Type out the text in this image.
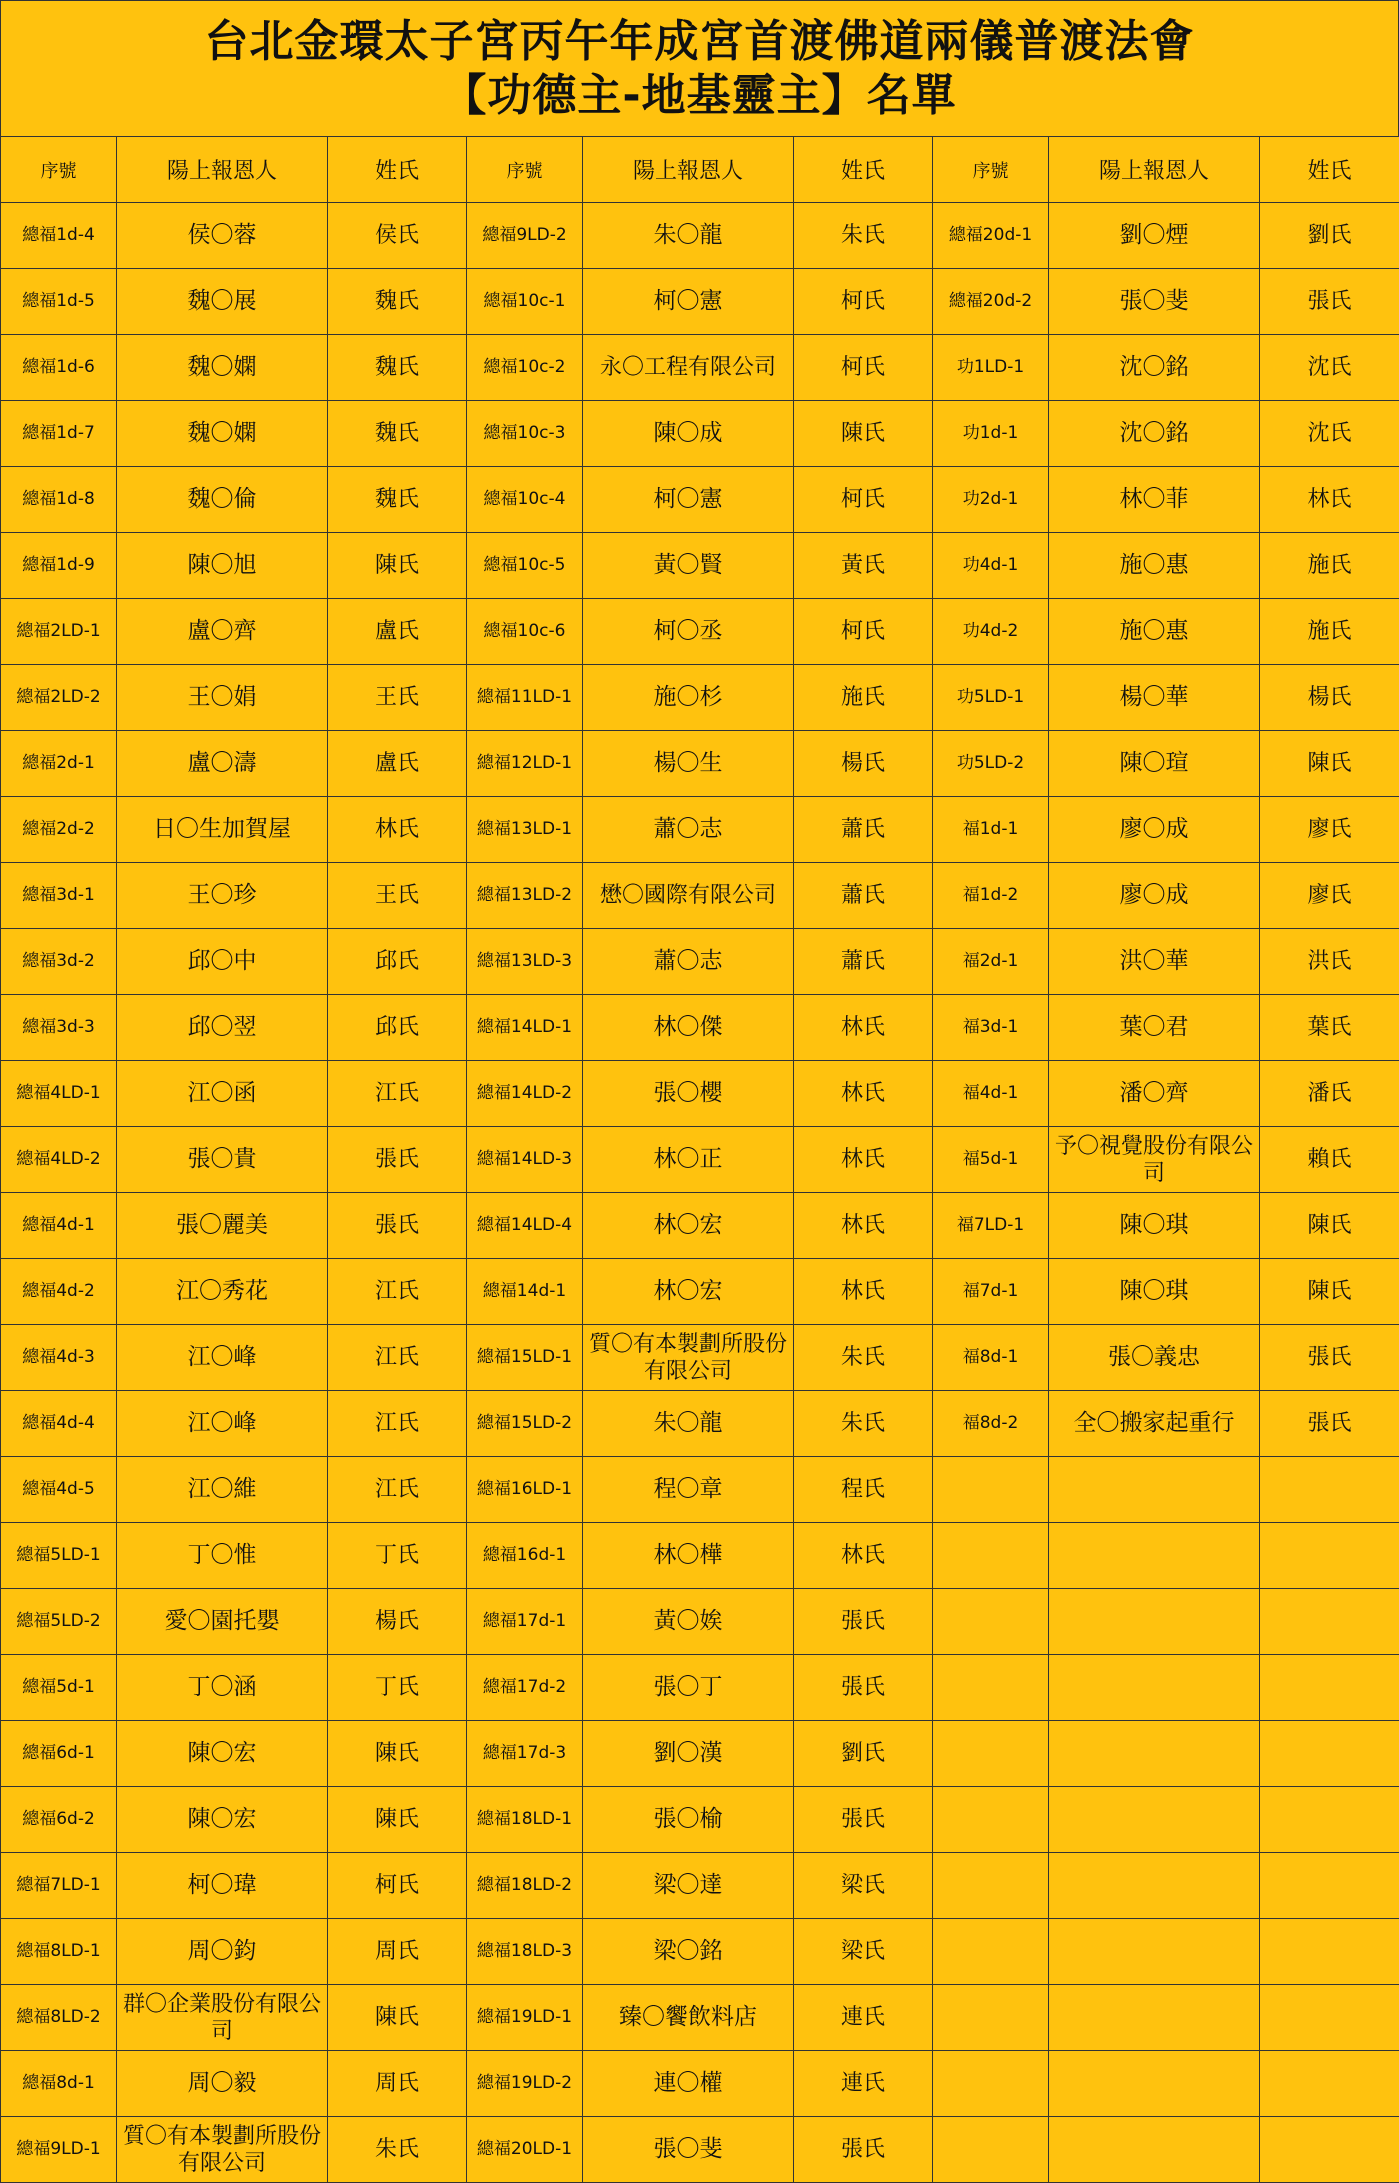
台北金環太子宮丙午年成宮首渡佛道兩儀普渡法會
【功德主-地基靈主】名單
序號	陽上報恩人	姓氏	序號	陽上報恩人	姓氏	序號	陽上報恩人	姓氏
總福1d-4	侯〇蓉	侯氏	總福9LD-2	朱〇龍	朱氏	總福20d-1	劉〇煙	劉氏
總福1d-5	魏〇展	魏氏	總福10c-1	柯〇憲	柯氏	總福20d-2	張〇斐	張氏
總福1d-6	魏〇嫻	魏氏	總福10c-2	永〇工程有限公司	柯氏	功1LD-1	沈〇銘	沈氏
總福1d-7	魏〇嫻	魏氏	總福10c-3	陳〇成	陳氏	功1d-1	沈〇銘	沈氏
總福1d-8	魏〇倫	魏氏	總福10c-4	柯〇憲	柯氏	功2d-1	林〇菲	林氏
總福1d-9	陳〇旭	陳氏	總福10c-5	黃〇賢	黃氏	功4d-1	施〇惠	施氏
總福2LD-1	盧〇齊	盧氏	總福10c-6	柯〇丞	柯氏	功4d-2	施〇惠	施氏
總福2LD-2	王〇娟	王氏	總福11LD-1	施〇杉	施氏	功5LD-1	楊〇華	楊氏
總福2d-1	盧〇濤	盧氏	總福12LD-1	楊〇生	楊氏	功5LD-2	陳〇瑄	陳氏
總福2d-2	日〇生加賀屋	林氏	總福13LD-1	蕭〇志	蕭氏	福1d-1	廖〇成	廖氏
總福3d-1	王〇珍	王氏	總福13LD-2	懋〇國際有限公司	蕭氏	福1d-2	廖〇成	廖氏
總福3d-2	邱〇中	邱氏	總福13LD-3	蕭〇志	蕭氏	福2d-1	洪〇華	洪氏
總福3d-3	邱〇翌	邱氏	總福14LD-1	林〇傑	林氏	福3d-1	葉〇君	葉氏
總福4LD-1	江〇函	江氏	總福14LD-2	張〇櫻	林氏	福4d-1	潘〇齊	潘氏
總福4LD-2	張〇貴	張氏	總福14LD-3	林〇正	林氏	福5d-1	予〇視覺股份有限公司	賴氏
總福4d-1	張〇麗美	張氏	總福14LD-4	林〇宏	林氏	福7LD-1	陳〇琪	陳氏
總福4d-2	江〇秀花	江氏	總福14d-1	林〇宏	林氏	福7d-1	陳〇琪	陳氏
總福4d-3	江〇峰	江氏	總福15LD-1	質〇有本製劃所股份有限公司	朱氏	福8d-1	張〇義忠	張氏
總福4d-4	江〇峰	江氏	總福15LD-2	朱〇龍	朱氏	福8d-2	全〇搬家起重行	張氏
總福4d-5	江〇維	江氏	總福16LD-1	程〇章	程氏			
總福5LD-1	丁〇惟	丁氏	總福16d-1	林〇樺	林氏			
總福5LD-2	愛〇園托嬰	楊氏	總福17d-1	黃〇娭	張氏			
總福5d-1	丁〇涵	丁氏	總福17d-2	張〇丁	張氏			
總福6d-1	陳〇宏	陳氏	總福17d-3	劉〇漢	劉氏			
總福6d-2	陳〇宏	陳氏	總福18LD-1	張〇榆	張氏			
總福7LD-1	柯〇瑋	柯氏	總福18LD-2	梁〇達	梁氏			
總福8LD-1	周〇鈞	周氏	總福18LD-3	梁〇銘	梁氏			
總福8LD-2	群〇企業股份有限公司	陳氏	總福19LD-1	臻〇饗飲料店	連氏			
總福8d-1	周〇毅	周氏	總福19LD-2	連〇權	連氏			
總福9LD-1	質〇有本製劃所股份有限公司	朱氏	總福20LD-1	張〇斐	張氏			
